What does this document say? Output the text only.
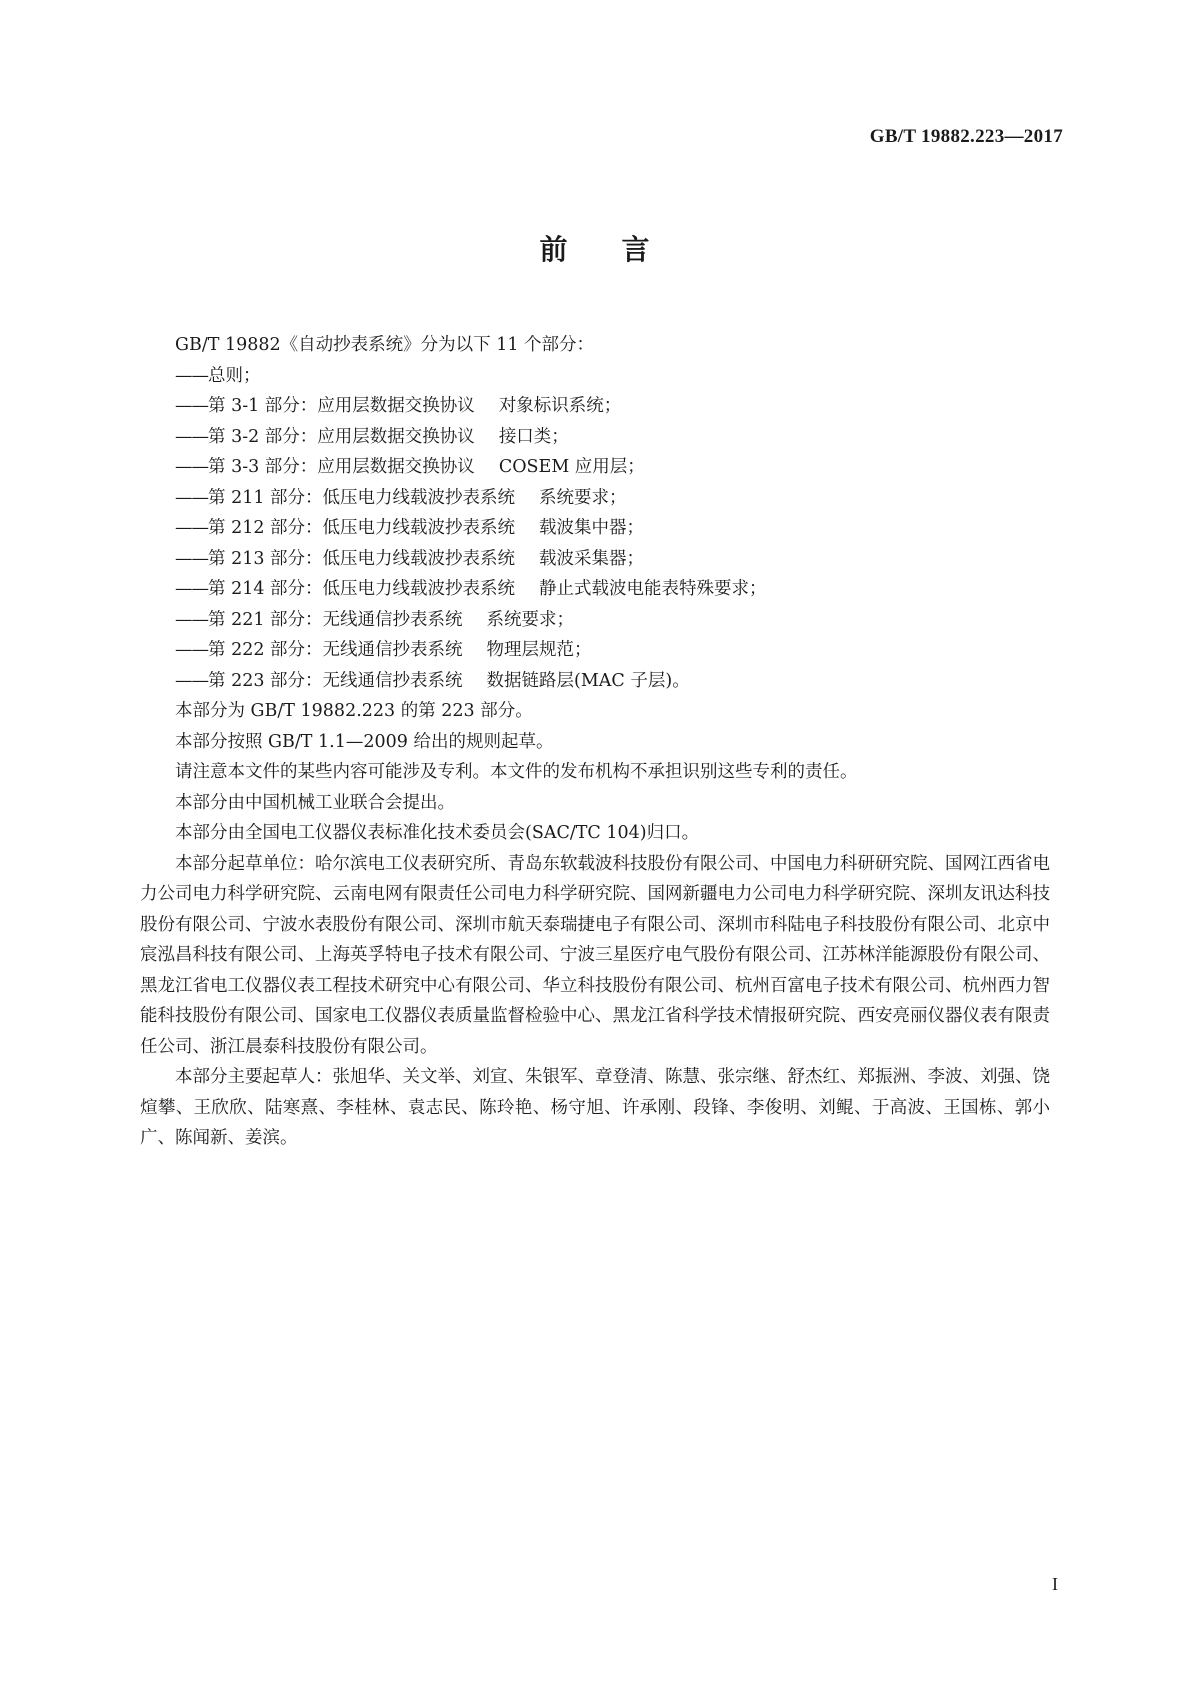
GB/T 19882.223—2017
前 言

GB/T 19882《自动抄表系统》分为以下 11 个部分：

——总则；

——第 3-1 部分：应用层数据交换协议 对象标识系统；

——第 3-2 部分：应用层数据交换协议 接口类；

——第 3-3 部分：应用层数据交换协议 COSEM 应用层；

——第 211 部分：低压电力线载波抄表系统 系统要求；

——第 212 部分：低压电力线载波抄表系统 载波集中器；

——第 213 部分：低压电力线载波抄表系统 载波采集器；

——第 214 部分：低压电力线载波抄表系统 静止式载波电能表特殊要求；

——第 221 部分：无线通信抄表系统 系统要求；

——第 222 部分：无线通信抄表系统 物理层规范；

——第 223 部分：无线通信抄表系统 数据链路层(MAC 子层)。

本部分为 GB/T 19882.223 的第 223 部分。

本部分按照 GB/T 1.1—2009 给出的规则起草。

请注意本文件的某些内容可能涉及专利。本文件的发布机构不承担识别这些专利的责任。

本部分由中国机械工业联合会提出。

本部分由全国电工仪器仪表标准化技术委员会(SAC/TC 104)归口。

本部分起草单位：哈尔滨电工仪表研究所、青岛东软载波科技股份有限公司、中国电力科研研究院、国网江西省电力公司电力科学研究院、云南电网有限责任公司电力科学研究院、国网新疆电力公司电力科学研究院、深圳友讯达科技股份有限公司、宁波水表股份有限公司、深圳市航天泰瑞捷电子有限公司、深圳市科陆电子科技股份有限公司、北京中宸泓昌科技有限公司、上海英孚特电子技术有限公司、宁波三星医疗电气股份有限公司、江苏林洋能源股份有限公司、黑龙江省电工仪器仪表工程技术研究中心有限公司、华立科技股份有限公司、杭州百富电子技术有限公司、杭州西力智能科技股份有限公司、国家电工仪器仪表质量监督检验中心、黑龙江省科学技术情报研究院、西安亮丽仪器仪表有限责任公司、浙江晨泰科技股份有限公司。

本部分主要起草人：张旭华、关文举、刘宣、朱银军、章登清、陈慧、张宗继、舒杰红、郑振洲、李波、刘强、饶煊攀、王欣欣、陆寒熹、李桂林、袁志民、陈玲艳、杨守旭、许承刚、段锋、李俊明、刘鲲、于高波、王国栋、郭小广、陈闻新、姜滨。

I
